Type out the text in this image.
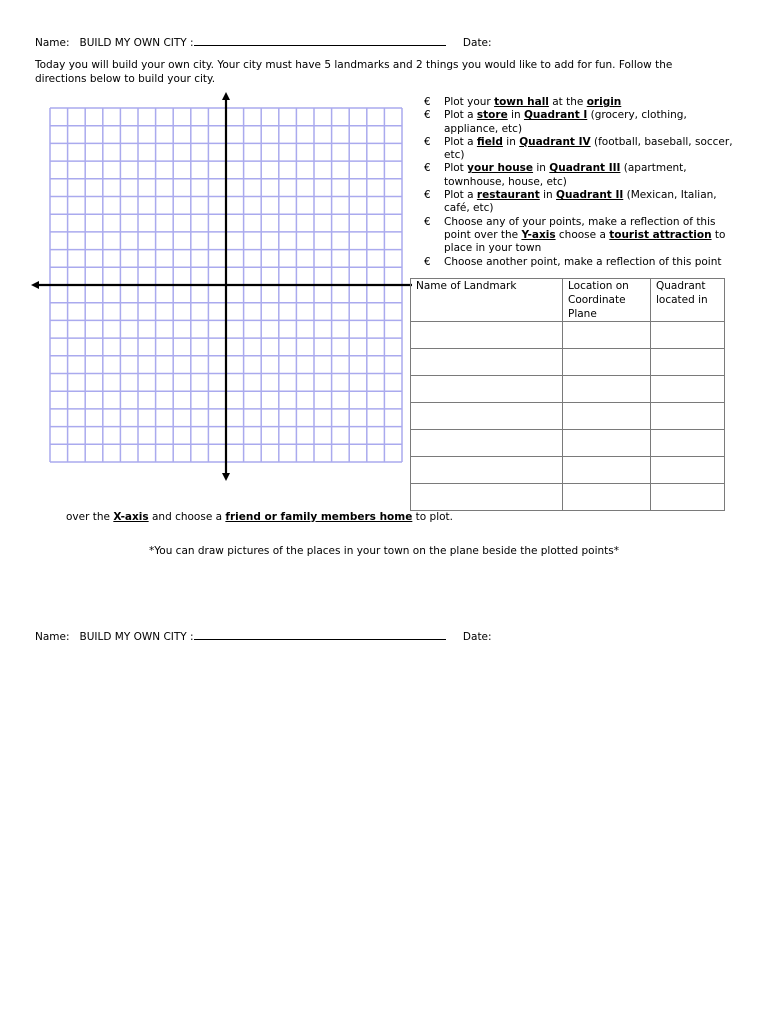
Name: BUILD MY OWN CITY :	Date:
Today you will build your own city. Your city must have 5 landmarks and 2 things you would like to add for fun. Follow the directions below to build your city.
€ Plot your town hall at the origin
€ Plot a store in Quadrant I (grocery, clothing, appliance, etc)
€ Plot a field in Quadrant IV (football, baseball, soccer, etc)
€ Plot your house in Quadrant III (apartment, townhouse, house, etc)
€ Plot a restaurant in Quadrant II (Mexican, Italian, café, etc)
€ Choose any of your points, make a reflection of this point over the Y-axis choose a tourist attraction to place in your town
€ Choose another point, make a reflection of this point
Name of Landmark	Location on Coordinate Plane	Quadrant located in

over the X-axis and choose a friend or family members home to plot.
*You can draw pictures of the places in your town on the plane beside the plotted points*
Name: BUILD MY OWN CITY :	Date:
